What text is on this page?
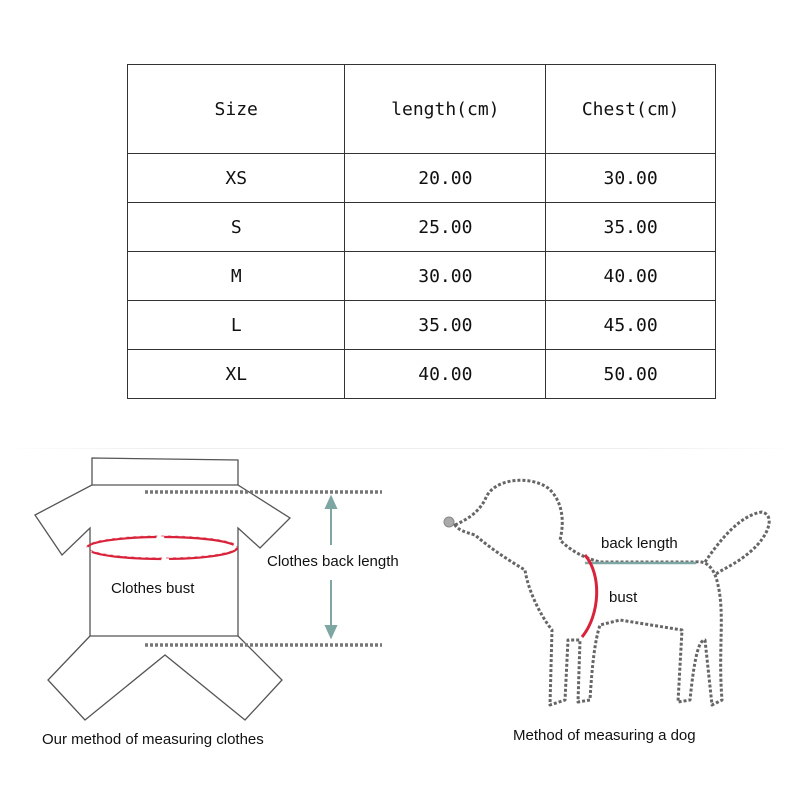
Size	length(cm)	Chest(cm)
XS	20.00	30.00
S	25.00	35.00
M	30.00	40.00
L	35.00	45.00
XL	40.00	50.00
Clothes bust
Clothes back length
Our method of measuring clothes
back length
bust
Method of measuring a dog
